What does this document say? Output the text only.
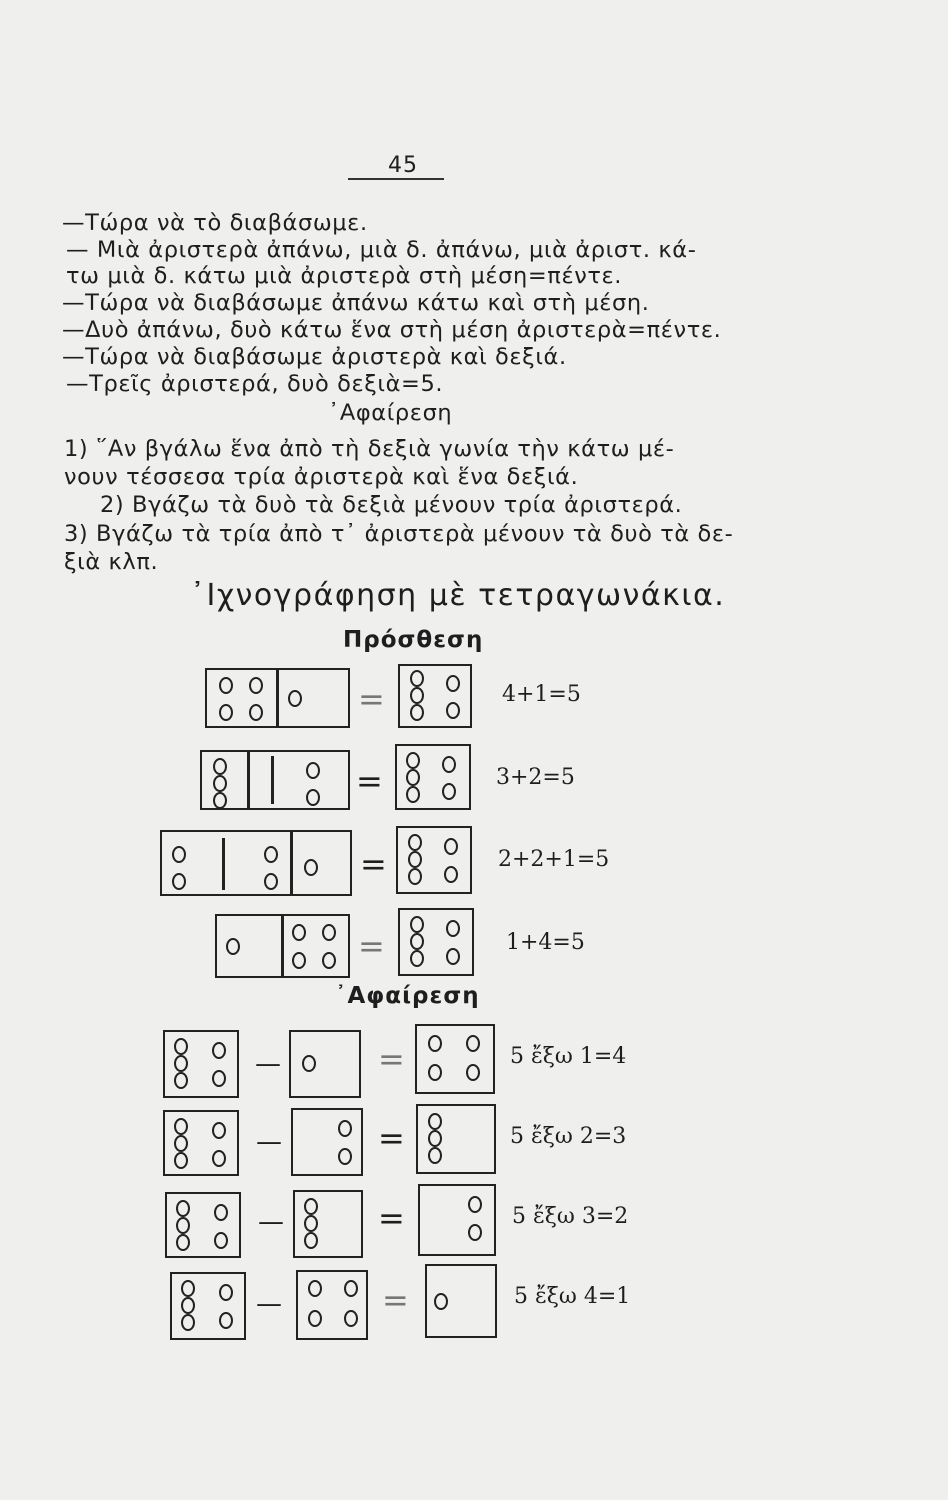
45
—Τώρα νὰ τὸ διαβάσωμε.
— Μιὰ ἀριστερὰ ἀπάνω, μιὰ δ. ἀπάνω, μιὰ ἀριστ. κά-
τω μιὰ δ. κάτω μιὰ ἀριστερὰ στὴ μέση=πέντε.
—Τώρα νὰ διαβάσωμε ἀπάνω κάτω καὶ στὴ μέση.
—Δυὸ ἀπάνω, δυὸ κάτω ἕνα στὴ μέση ἀριστερὰ=πέντε.
—Τώρα νὰ διαβάσωμε ἀριστερὰ καὶ δεξιά.
—Τρεῖς ἀριστερά, δυὸ δεξιὰ=5.
᾿Αφαίρεση
1) ῞Αν βγάλω ἕνα ἀπὸ τὴ δεξιὰ γωνία τὴν κάτω μέ-
νουν τέσσεσα τρία ἀριστερὰ καὶ ἕνα δεξιά.
2) Βγάζω τὰ δυὸ τὰ δεξιὰ μένουν τρία ἀριστερά.
3) Βγάζω τὰ τρία ἀπὸ τ᾿ ἀριστερὰ μένουν τὰ δυὸ τὰ δε-
ξιὰ κλπ.
᾿Ιχνογράφηση μὲ τετραγωνάκια.
Πρόσθεση
᾿Αφαίρεση
=	4+1=5
=	3+2=5
=	2+2+1=5
=	1+4=5
—	=	5 ἔξω 1=4
—	=	5 ἔξω 2=3
—	=	5 ἔξω 3=2
—	=	5 ἔξω 4=1
